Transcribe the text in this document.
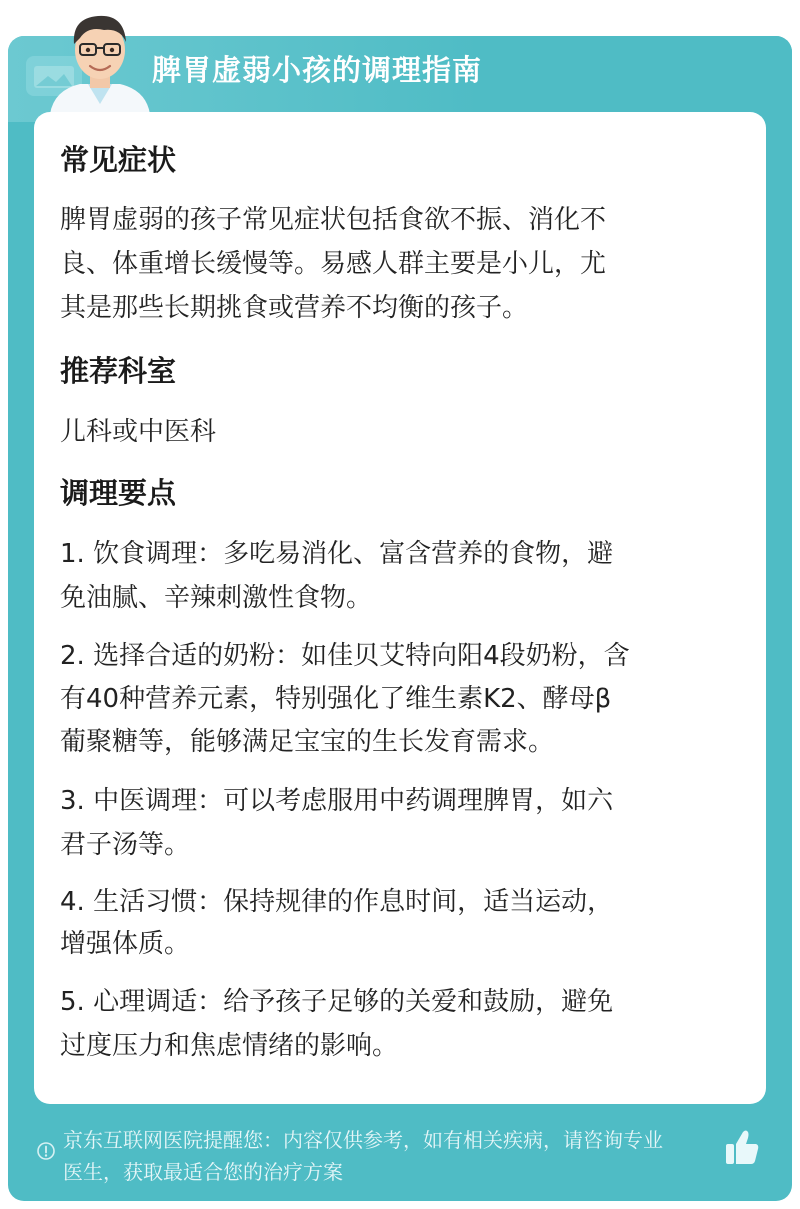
脾胃虚弱小孩的调理指南
常见症状
脾胃虚弱的孩子常见症状包括食欲不振、消化不
良、体重增长缓慢等。易感人群主要是小儿，尤
其是那些长期挑食或营养不均衡的孩子。
推荐科室
儿科或中医科
调理要点
1. 饮食调理：多吃易消化、富含营养的食物，避
免油腻、辛辣刺激性食物。
2. 选择合适的奶粉：如佳贝艾特向阳4段奶粉，含
有40种营养元素，特别强化了维生素K2、酵母β
葡聚糖等，能够满足宝宝的生长发育需求。
3. 中医调理：可以考虑服用中药调理脾胃，如六
君子汤等。
4. 生活习惯：保持规律的作息时间，适当运动，
增强体质。
5. 心理调适：给予孩子足够的关爱和鼓励，避免
过度压力和焦虑情绪的影响。
京东互联网医院提醒您：内容仅供参考，如有相关疾病，请咨询专业
医生，获取最适合您的治疗方案
